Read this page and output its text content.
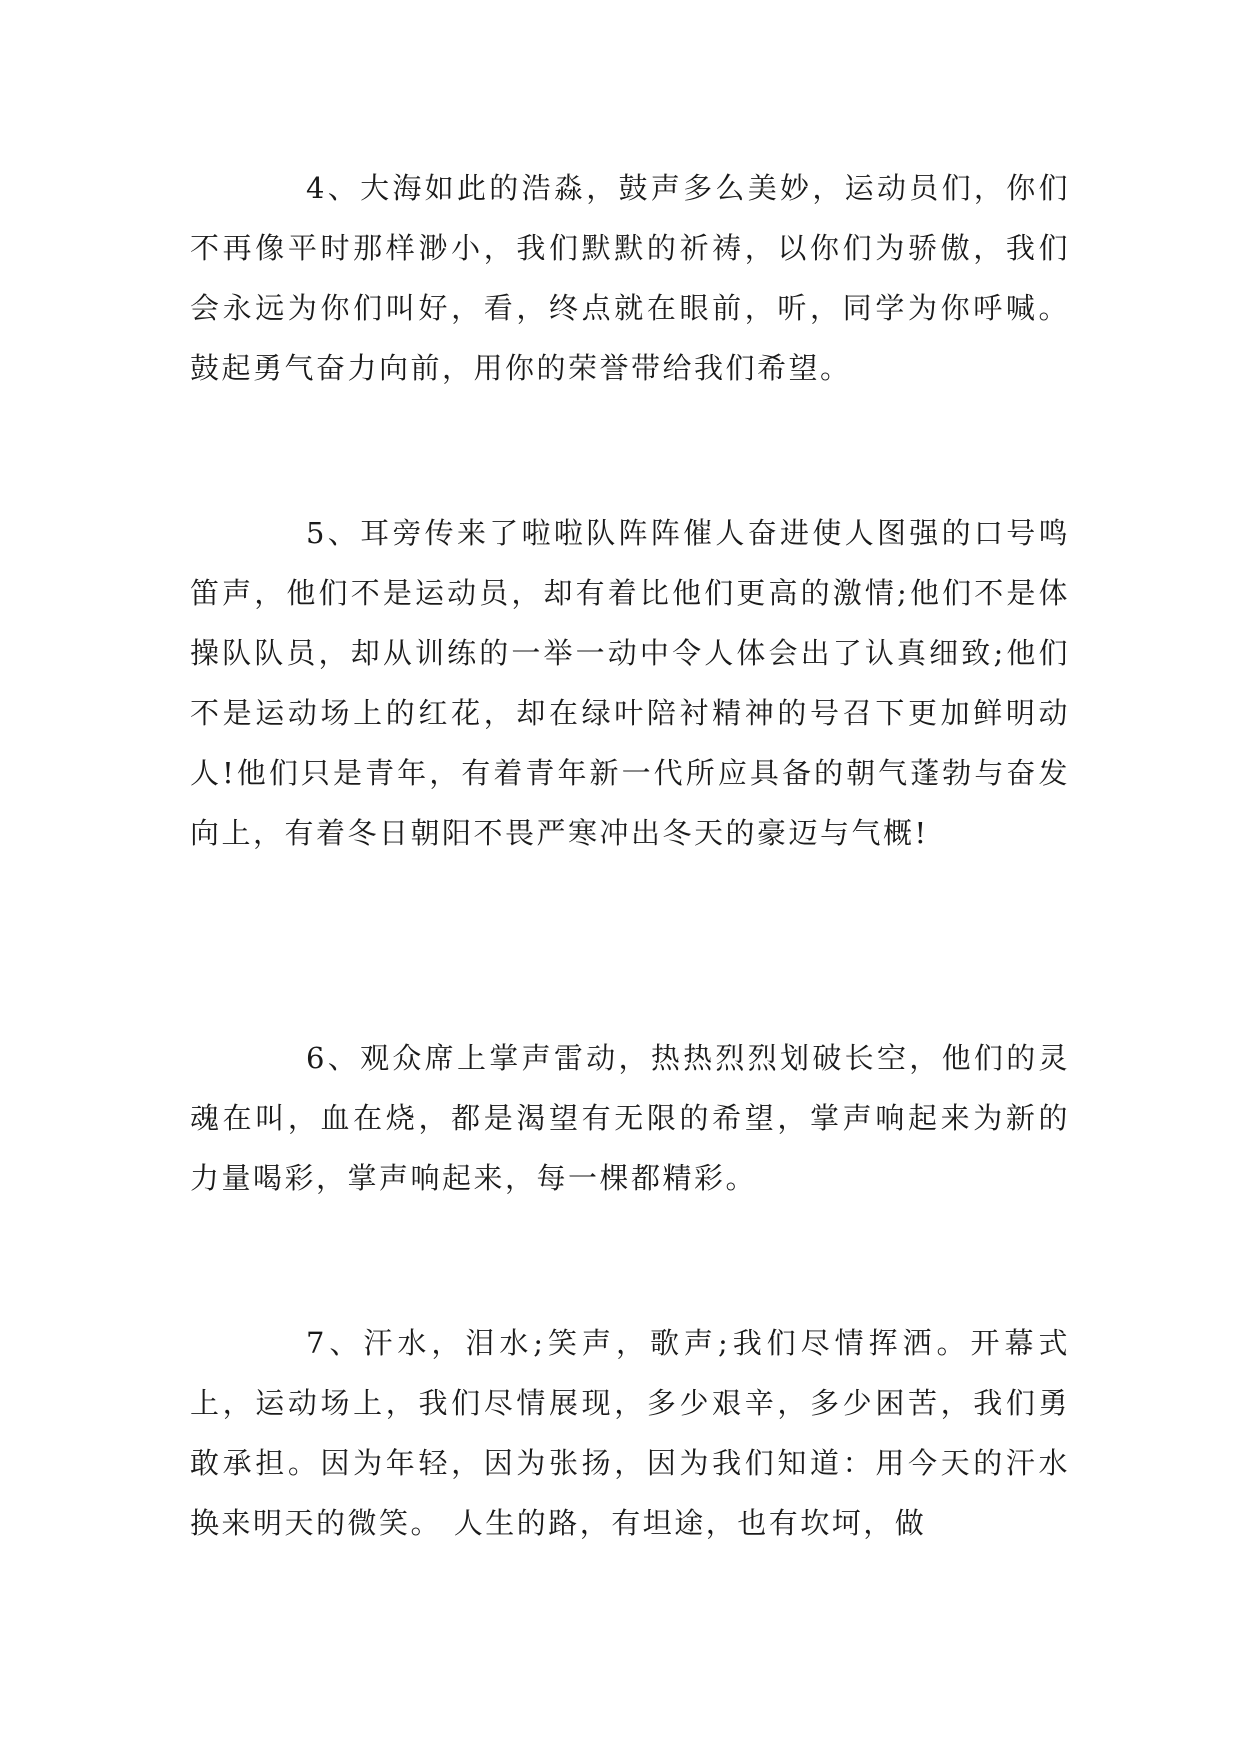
4、大海如此的浩淼，鼓声多么美妙，运动员们，你们不再像平时那样渺小，我们默默的祈祷，以你们为骄傲，我们会永远为你们叫好，看，终点就在眼前，听，同学为你呼喊。鼓起勇气奋力向前，用你的荣誉带给我们希望。

5、耳旁传来了啦啦队阵阵催人奋进使人图强的口号鸣笛声，他们不是运动员，却有着比他们更高的激情;他们不是体操队队员，却从训练的一举一动中令人体会出了认真细致;他们不是运动场上的红花，却在绿叶陪衬精神的号召下更加鲜明动人!他们只是青年，有着青年新一代所应具备的朝气蓬勃与奋发向上，有着冬日朝阳不畏严寒冲出冬天的豪迈与气概!

6、观众席上掌声雷动，热热烈烈划破长空，他们的灵魂在叫，血在烧，都是渴望有无限的希望，掌声响起来为新的力量喝彩，掌声响起来，每一棵都精彩。

7、汗水，泪水;笑声，歌声;我们尽情挥洒。开幕式上，运动场上，我们尽情展现，多少艰辛，多少困苦，我们勇敢承担。因为年轻，因为张扬，因为我们知道：用今天的汗水换来明天的微笑。 人生的路，有坦途，也有坎坷，做
